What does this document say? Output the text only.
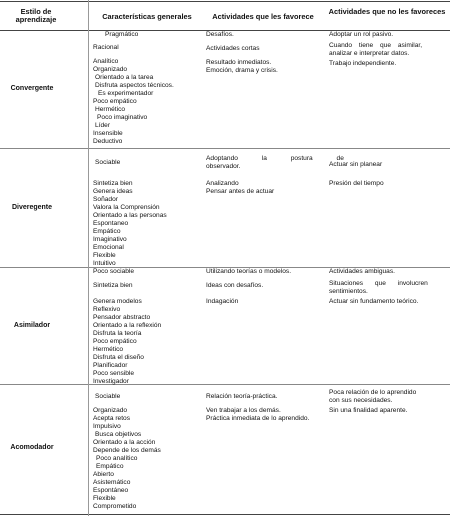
Estilo de aprendizaje	Características generales	Actividades que les favorece
Actividades que no les favoreces
Convergente
Diveregente
Asimilador
Acomodador
Pragmático
Racional
Analítico
Organizado
Orientado a la tarea
Disfruta aspectos técnicos.
Es experimentador
Poco empático
Hermético
Poco imaginativo
Líder
Insensible
Deductivo
Desafíos.
Actividades cortas
Resultado inmediatos.
Emoción, drama y crisis.
Adoptar un rol pasivo.
Cuando tiene que asimilar,
analizar e interpretar datos.
Trabajo independiente.
Sociable
Sintetiza bien
Genera ideas
Soñador
Valora la Comprensión
Orientado a las personas
Espontaneo
Empático
Imaginativo
Emocional
Flexible
Intuitivo
Adoptando la postura de
observador.
Analizando
Pensar antes de actuar
Actuar sin planear
Presión del tiempo
Poco sociable
Sintetiza bien
Genera modelos
Reflexivo
Pensador abstracto
Orientado a la reflexión
Disfruta la teoría
Poco empático
Hermético
Disfruta el diseño
Planificador
Poco sensible
Investigador
Utilizando teorías o modelos.
Ideas con desafíos.
Indagación
Actividades ambiguas.
Situaciones que involucren
sentimientos.
Actuar sin fundamento teórico.
Sociable
Organizado
Acepta retos
Impulsivo
Busca objetivos
Orientado a la acción
Depende de los demás
Poco analítico
Empático
Abierto
Asistemático
Espontáneo
Flexible
Comprometido
Relación teoría-práctica.
Ven trabajar a los demás.
Práctica inmediata de lo aprendido.
Poca relación de lo aprendido
con sus necesidades.
Sin una finalidad aparente.
